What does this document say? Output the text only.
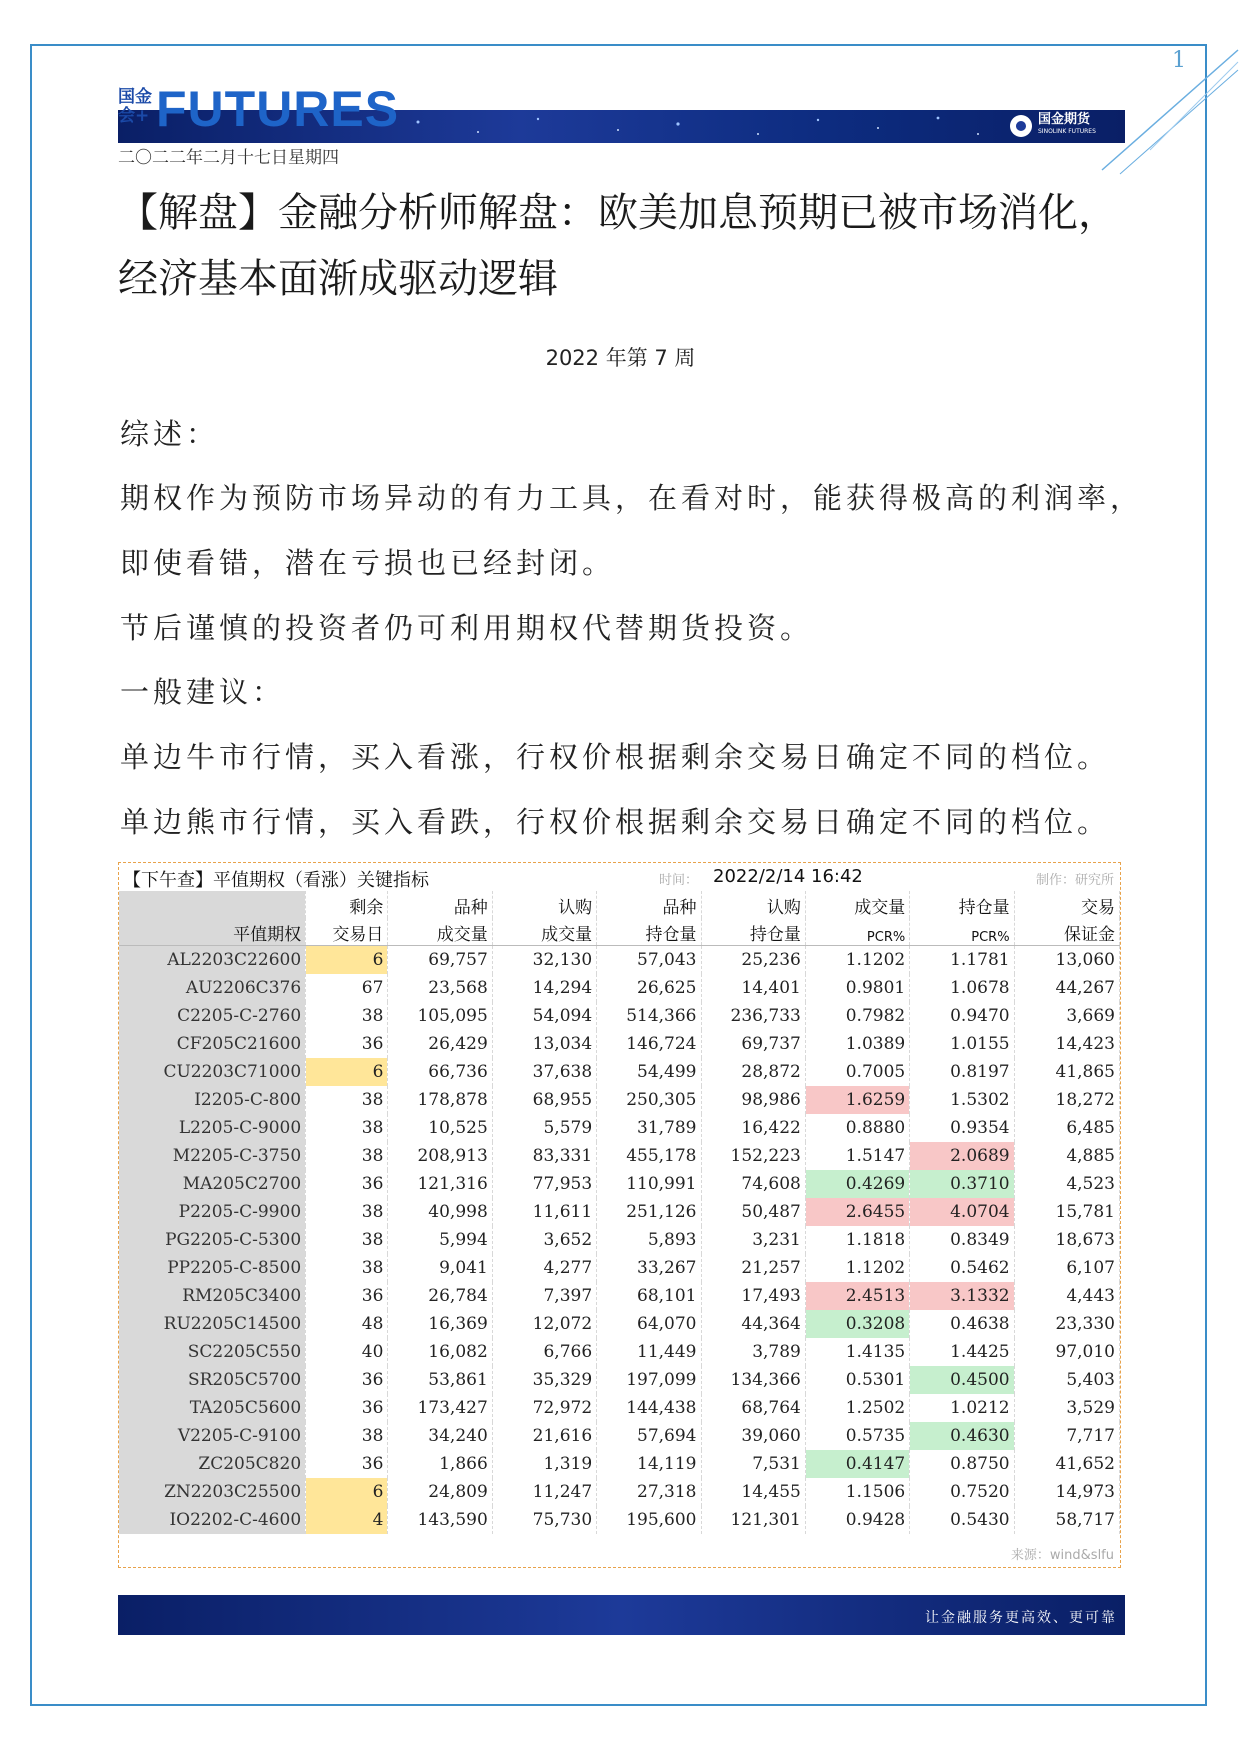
1
国金会+ FUTURES	国金期货
SINOLINK FUTURES
二〇二二年二月十七日星期四
【解盘】金融分析师解盘：欧美加息预期已被市场消化，经济基本面渐成驱动逻辑
2022 年第 7 周
综述：
期权作为预防市场异动的有力工具，在看对时，能获得极高的利润率，
即使看错，潜在亏损也已经封闭。
节后谨慎的投资者仍可利用期权代替期货投资。
一般建议：
单边牛市行情，买入看涨，行权价根据剩余交易日确定不同的档位。
单边熊市行情，买入看跌，行权价根据剩余交易日确定不同的档位。
【下午查】平值期权（看涨）关键指标	时间： 2022/2/14 16:42	制作：研究所
	剩余	品种	认购	品种	认购	成交量	持仓量	交易
平值期权	交易日	成交量	成交量	持仓量	持仓量	PCR%	PCR%	保证金
AL2203C22600	6	69,757	32,130	57,043	25,236	1.1202	1.1781	13,060
AU2206C376	67	23,568	14,294	26,625	14,401	0.9801	1.0678	44,267
C2205-C-2760	38	105,095	54,094	514,366	236,733	0.7982	0.9470	3,669
CF205C21600	36	26,429	13,034	146,724	69,737	1.0389	1.0155	14,423
CU2203C71000	6	66,736	37,638	54,499	28,872	0.7005	0.8197	41,865
I2205-C-800	38	178,878	68,955	250,305	98,986	1.6259	1.5302	18,272
L2205-C-9000	38	10,525	5,579	31,789	16,422	0.8880	0.9354	6,485
M2205-C-3750	38	208,913	83,331	455,178	152,223	1.5147	2.0689	4,885
MA205C2700	36	121,316	77,953	110,991	74,608	0.4269	0.3710	4,523
P2205-C-9900	38	40,998	11,611	251,126	50,487	2.6455	4.0704	15,781
PG2205-C-5300	38	5,994	3,652	5,893	3,231	1.1818	0.8349	18,673
PP2205-C-8500	38	9,041	4,277	33,267	21,257	1.1202	0.5462	6,107
RM205C3400	36	26,784	7,397	68,101	17,493	2.4513	3.1332	4,443
RU2205C14500	48	16,369	12,072	64,070	44,364	0.3208	0.4638	23,330
SC2205C550	40	16,082	6,766	11,449	3,789	1.4135	1.4425	97,010
SR205C5700	36	53,861	35,329	197,099	134,366	0.5301	0.4500	5,403
TA205C5600	36	173,427	72,972	144,438	68,764	1.2502	1.0212	3,529
V2205-C-9100	38	34,240	21,616	57,694	39,060	0.5735	0.4630	7,717
ZC205C820	36	1,866	1,319	14,119	7,531	0.4147	0.8750	41,652
ZN2203C25500	6	24,809	11,247	27,318	14,455	1.1506	0.7520	14,973
IO2202-C-4600	4	143,590	75,730	195,600	121,301	0.9428	0.5430	58,717
来源：wind&slfu
让金融服务更高效、更可靠
